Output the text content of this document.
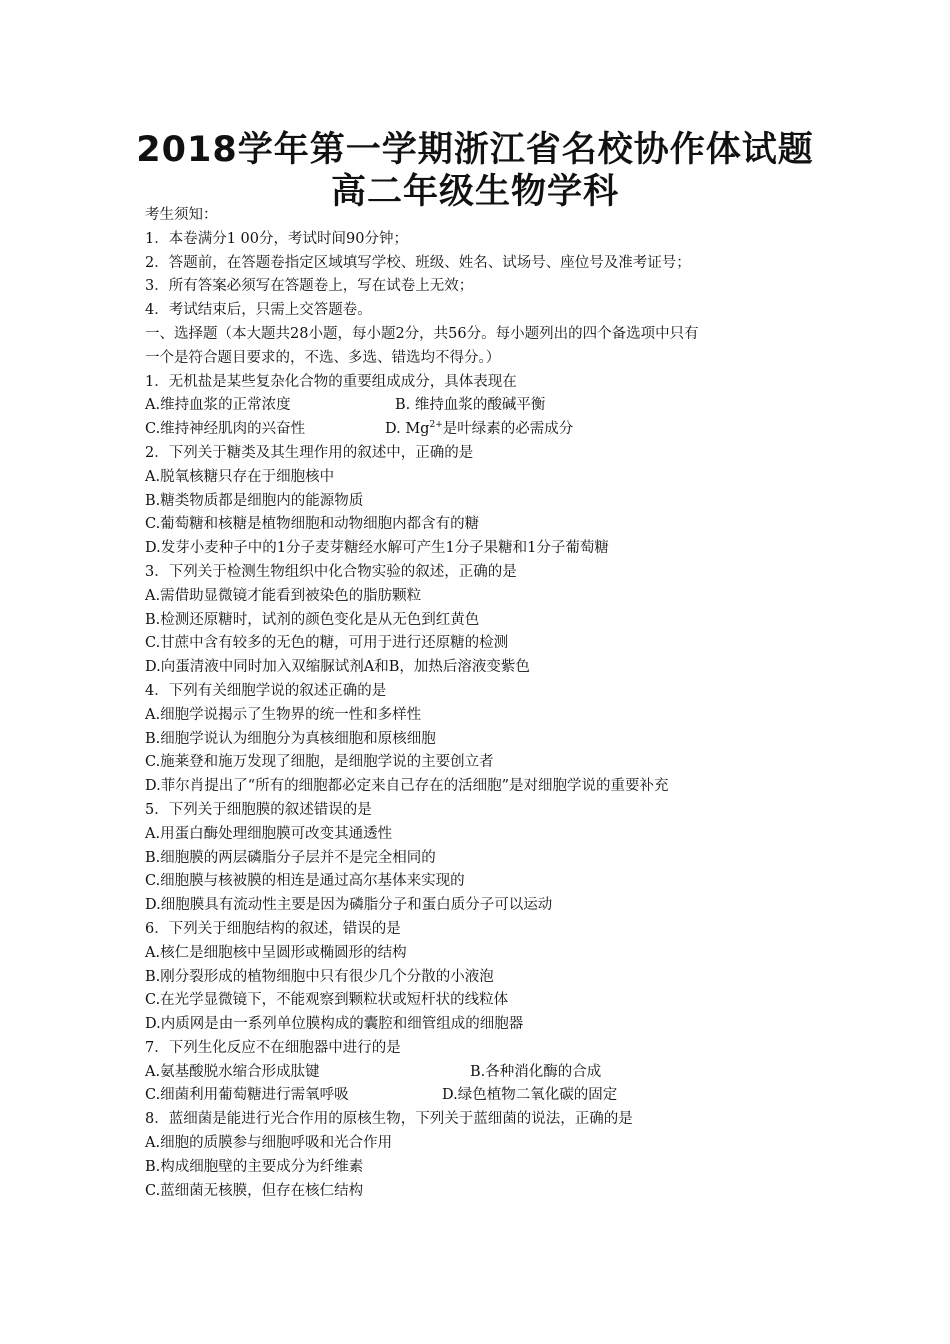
2018学年第一学期浙江省名校协作体试题
高二年级生物学科
考生须知：
1．本卷满分1 00分，考试时间90分钟；
2．答题前，在答题卷指定区域填写学校、班级、姓名、试场号、座位号及准考证号；
3．所有答案必须写在答题卷上，写在试卷上无效；
4．考试结束后，只需上交答题卷。
一、选择题（本大题共28小题，每小题2分，共56分。每小题列出的四个备选项中只有
一个是符合题目要求的，不选、多选、错选均不得分。）
1．无机盐是某些复杂化合物的重要组成成分，具体表现在
A.维持血浆的正常浓度	B. 维持血浆的酸碱平衡
C.维持神经肌肉的兴奋性	D. $Mg^{2+}$是叶绿素的必需成分
2．下列关于糖类及其生理作用的叙述中，正确的是
A.脱氧核糖只存在于细胞核中
B.糖类物质都是细胞内的能源物质
C.葡萄糖和核糖是植物细胞和动物细胞内都含有的糖
D.发芽小麦种子中的1分子麦芽糖经水解可产生1分子果糖和1分子葡萄糖
3．下列关于检测生物组织中化合物实验的叙述，正确的是
A.需借助显微镜才能看到被染色的脂肪颗粒
B.检测还原糖时，试剂的颜色变化是从无色到红黄色
C.甘蔗中含有较多的无色的糖，可用于进行还原糖的检测
D.向蛋清液中同时加入双缩脲试剂A和B，加热后溶液变紫色
4．下列有关细胞学说的叙述正确的是
A.细胞学说揭示了生物界的统一性和多样性
B.细胞学说认为细胞分为真核细胞和原核细胞
C.施莱登和施万发现了细胞，是细胞学说的主要创立者
D.菲尔肖提出了“所有的细胞都必定来自己存在的活细胞”是对细胞学说的重要补充
5．下列关于细胞膜的叙述错误的是
A.用蛋白酶处理细胞膜可改变其通透性
B.细胞膜的两层磷脂分子层并不是完全相同的
C.细胞膜与核被膜的相连是通过高尔基体来实现的
D.细胞膜具有流动性主要是因为磷脂分子和蛋白质分子可以运动
6．下列关于细胞结构的叙述，错误的是
A.核仁是细胞核中呈圆形或椭圆形的结构
B.刚分裂形成的植物细胞中只有很少几个分散的小液泡
C.在光学显微镜下，不能观察到颗粒状或短杆状的线粒体
D.内质网是由一系列单位膜构成的囊腔和细管组成的细胞器
7．下列生化反应不在细胞器中进行的是
A.氨基酸脱水缩合形成肽键	B.各种消化酶的合成
C.细菌利用葡萄糖进行需氧呼吸	D.绿色植物二氧化碳的固定
8．蓝细菌是能进行光合作用的原核生物，下列关于蓝细菌的说法，正确的是
A.细胞的质膜参与细胞呼吸和光合作用
B.构成细胞壁的主要成分为纤维素
C.蓝细菌无核膜，但存在核仁结构
